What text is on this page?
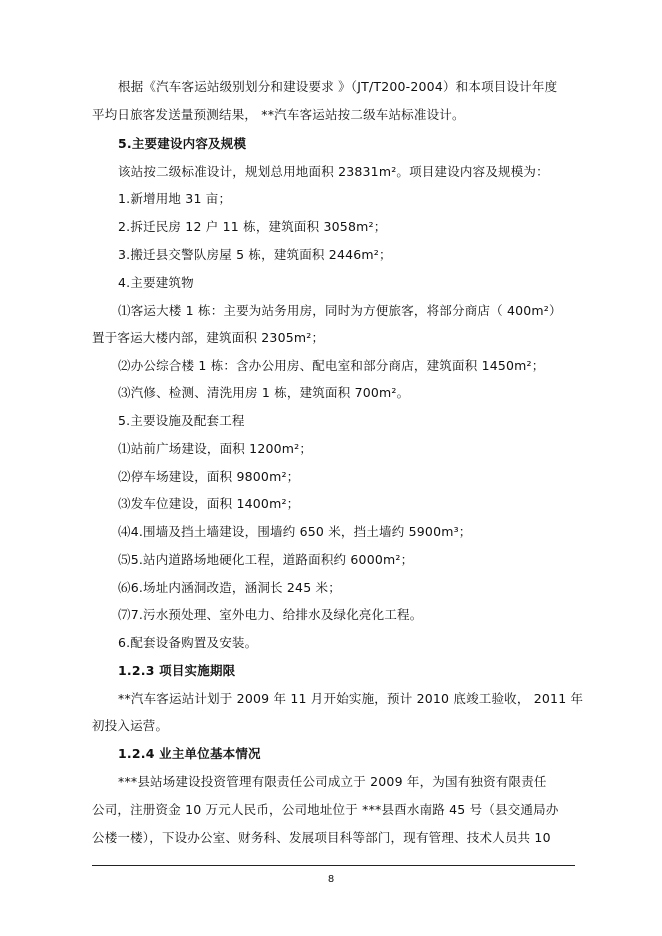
根据《汽车客运站级别划分和建设要求 》（JT/T200-2004）和本项目设计年度
平均日旅客发送量预测结果， **汽车客运站按二级车站标准设计。
5.主要建设内容及规模
该站按二级标准设计，规划总用地面积 23831m²。项目建设内容及规模为：
1.新增用地 31 亩；
2.拆迁民房 12 户 11 栋，建筑面积 3058m²；
3.搬迁县交警队房屋 5 栋，建筑面积 2446m²；
4.主要建筑物
⑴客运大楼 1 栋：主要为站务用房，同时为方便旅客，将部分商店（ 400m²）
置于客运大楼内部，建筑面积 2305m²；
⑵办公综合楼 1 栋：含办公用房、配电室和部分商店，建筑面积 1450m²；
⑶汽修、检测、清洗用房 1 栋，建筑面积 700m²。
5.主要设施及配套工程
⑴站前广场建设，面积 1200m²；
⑵停车场建设，面积 9800m²；
⑶发车位建设，面积 1400m²；
⑷4.围墙及挡土墙建设，围墙约 650 米，挡土墙约 5900m³；
⑸5.站内道路场地硬化工程，道路面积约 6000m²；
⑹6.场址内涵洞改造，涵洞长 245 米；
⑺7.污水预处理、室外电力、给排水及绿化亮化工程。
6.配套设备购置及安装。
1.2.3 项目实施期限
**汽车客运站计划于 2009 年 11 月开始实施，预计 2010 底竣工验收， 2011 年
初投入运营。
1.2.4 业主单位基本情况
***县站场建设投资管理有限责任公司成立于 2009 年，为国有独资有限责任
公司，注册资金 10 万元人民币，公司地址位于 ***县酉水南路 45 号（县交通局办
公楼一楼），下设办公室、财务科、发展项目科等部门，现有管理、技术人员共 10
8
